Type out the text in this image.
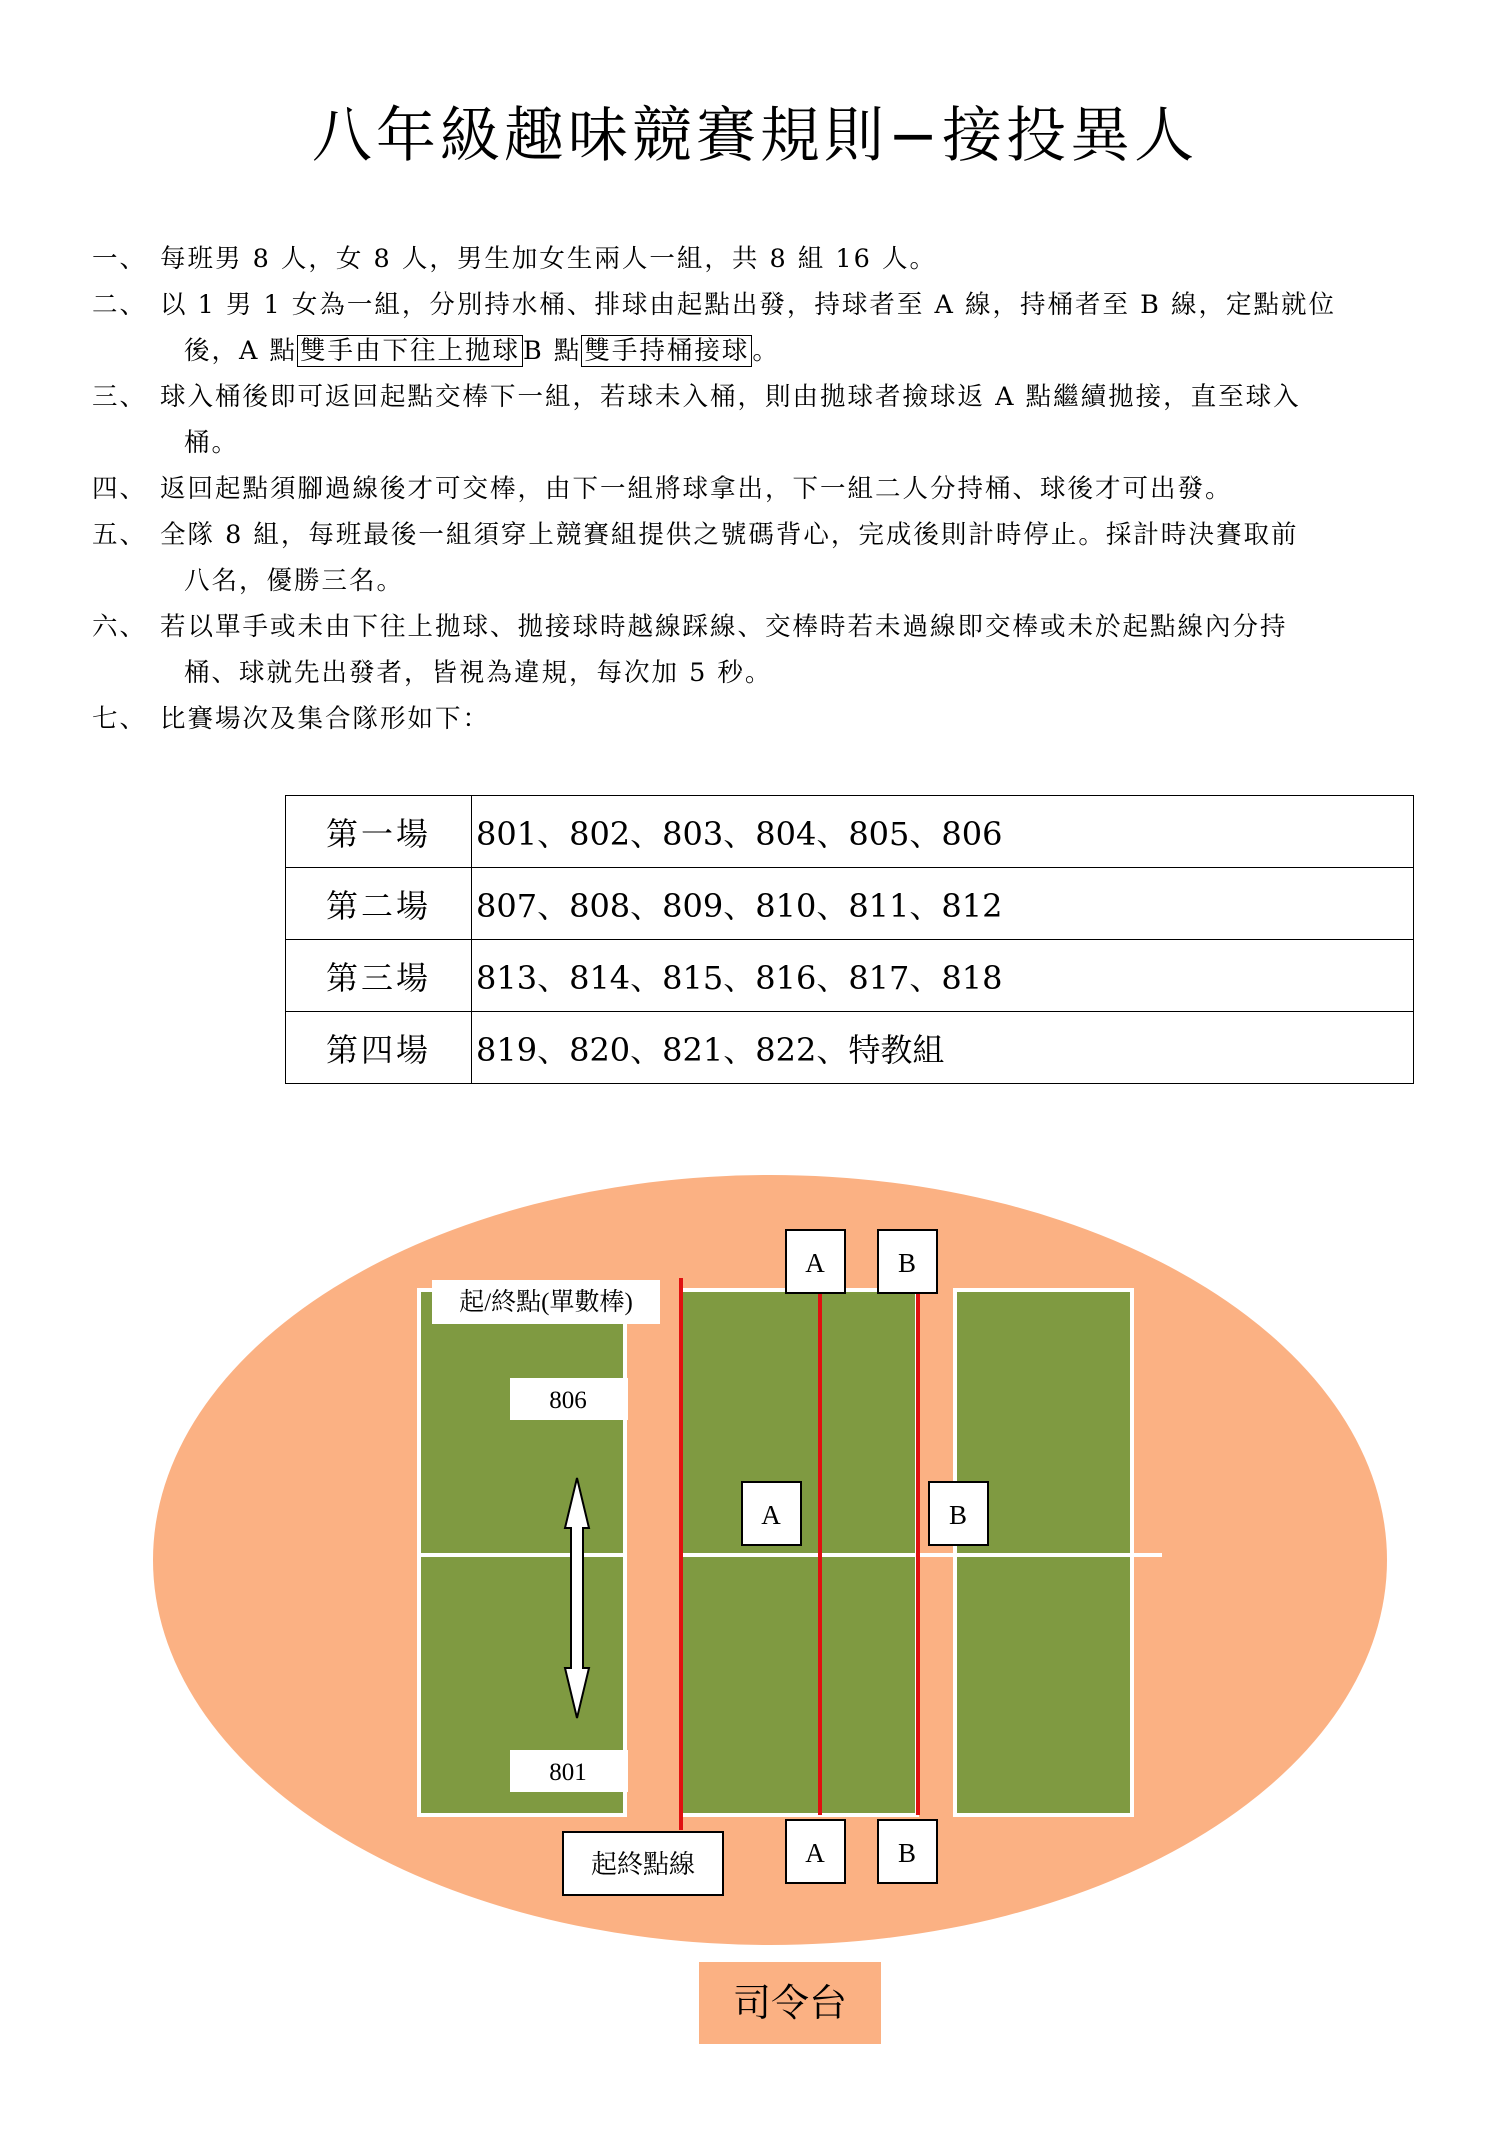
八年級趣味競賽規則−接投異人
一、 每班男 8 人，女 8 人，男生加女生兩人一組，共 8 組 16 人。
二、 以 1 男 1 女為一組，分別持水桶、排球由起點出發，持球者至 A 線，持桶者至 B 線，定點就位
後，A 點 雙手由下往上拋球 B 點 雙手持桶接球 。
三、 球入桶後即可返回起點交棒下一組，若球未入桶，則由拋球者撿球返 A 點繼續拋接，直至球入
桶。
四、 返回起點須腳過線後才可交棒，由下一組將球拿出，下一組二人分持桶、球後才可出發。
五、 全隊 8 組，每班最後一組須穿上競賽組提供之號碼背心，完成後則計時停止。採計時決賽取前
八名，優勝三名。
六、 若以單手或未由下往上拋球、拋接球時越線踩線、交棒時若未過線即交棒或未於起點線內分持
桶、球就先出發者，皆視為違規，每次加 5 秒。
七、 比賽場次及集合隊形如下：
第一場	801、802、803、804、805、806
第二場	807、808、809、810、811、812
第三場	813、814、815、816、817、818
第四場	819、820、821、822、特教組
起/終點(單數棒)
806
801
A	B
A	B
A	B
起終點線
司令台
